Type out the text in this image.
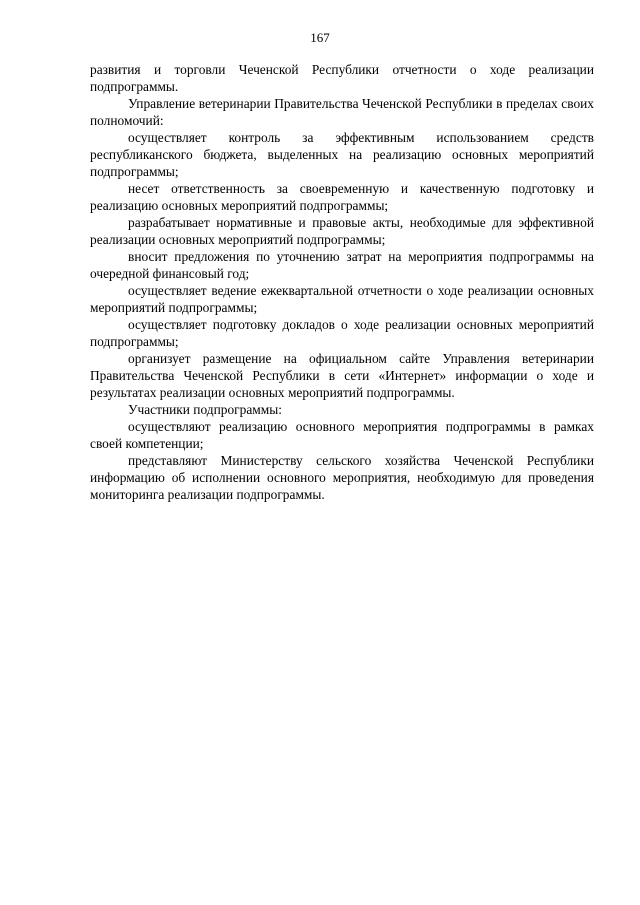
167

развития и торговли Чеченской Республики отчетности о ходе реализации подпрограммы.

Управление ветеринарии Правительства Чеченской Республики в пределах своих полномочий:

осуществляет контроль за эффективным использованием средств республиканского бюджета, выделенных на реализацию основных мероприятий подпрограммы;

несет ответственность за своевременную и качественную подготовку и реализацию основных мероприятий подпрограммы;

разрабатывает нормативные и правовые акты, необходимые для эффективной реализации основных мероприятий подпрограммы;

вносит предложения по уточнению затрат на мероприятия подпрограммы на очередной финансовый год;

осуществляет ведение ежеквартальной отчетности о ходе реализации основных мероприятий подпрограммы;

осуществляет подготовку докладов о ходе реализации основных мероприятий подпрограммы;

организует размещение на официальном сайте Управления ветеринарии Правительства Чеченской Республики в сети «Интернет» информации о ходе и результатах реализации основных мероприятий подпрограммы.

Участники подпрограммы:

осуществляют реализацию основного мероприятия подпрограммы в рамках своей компетенции;

представляют Министерству сельского хозяйства Чеченской Республики информацию об исполнении основного мероприятия, необходимую для проведения мониторинга реализации подпрограммы.
